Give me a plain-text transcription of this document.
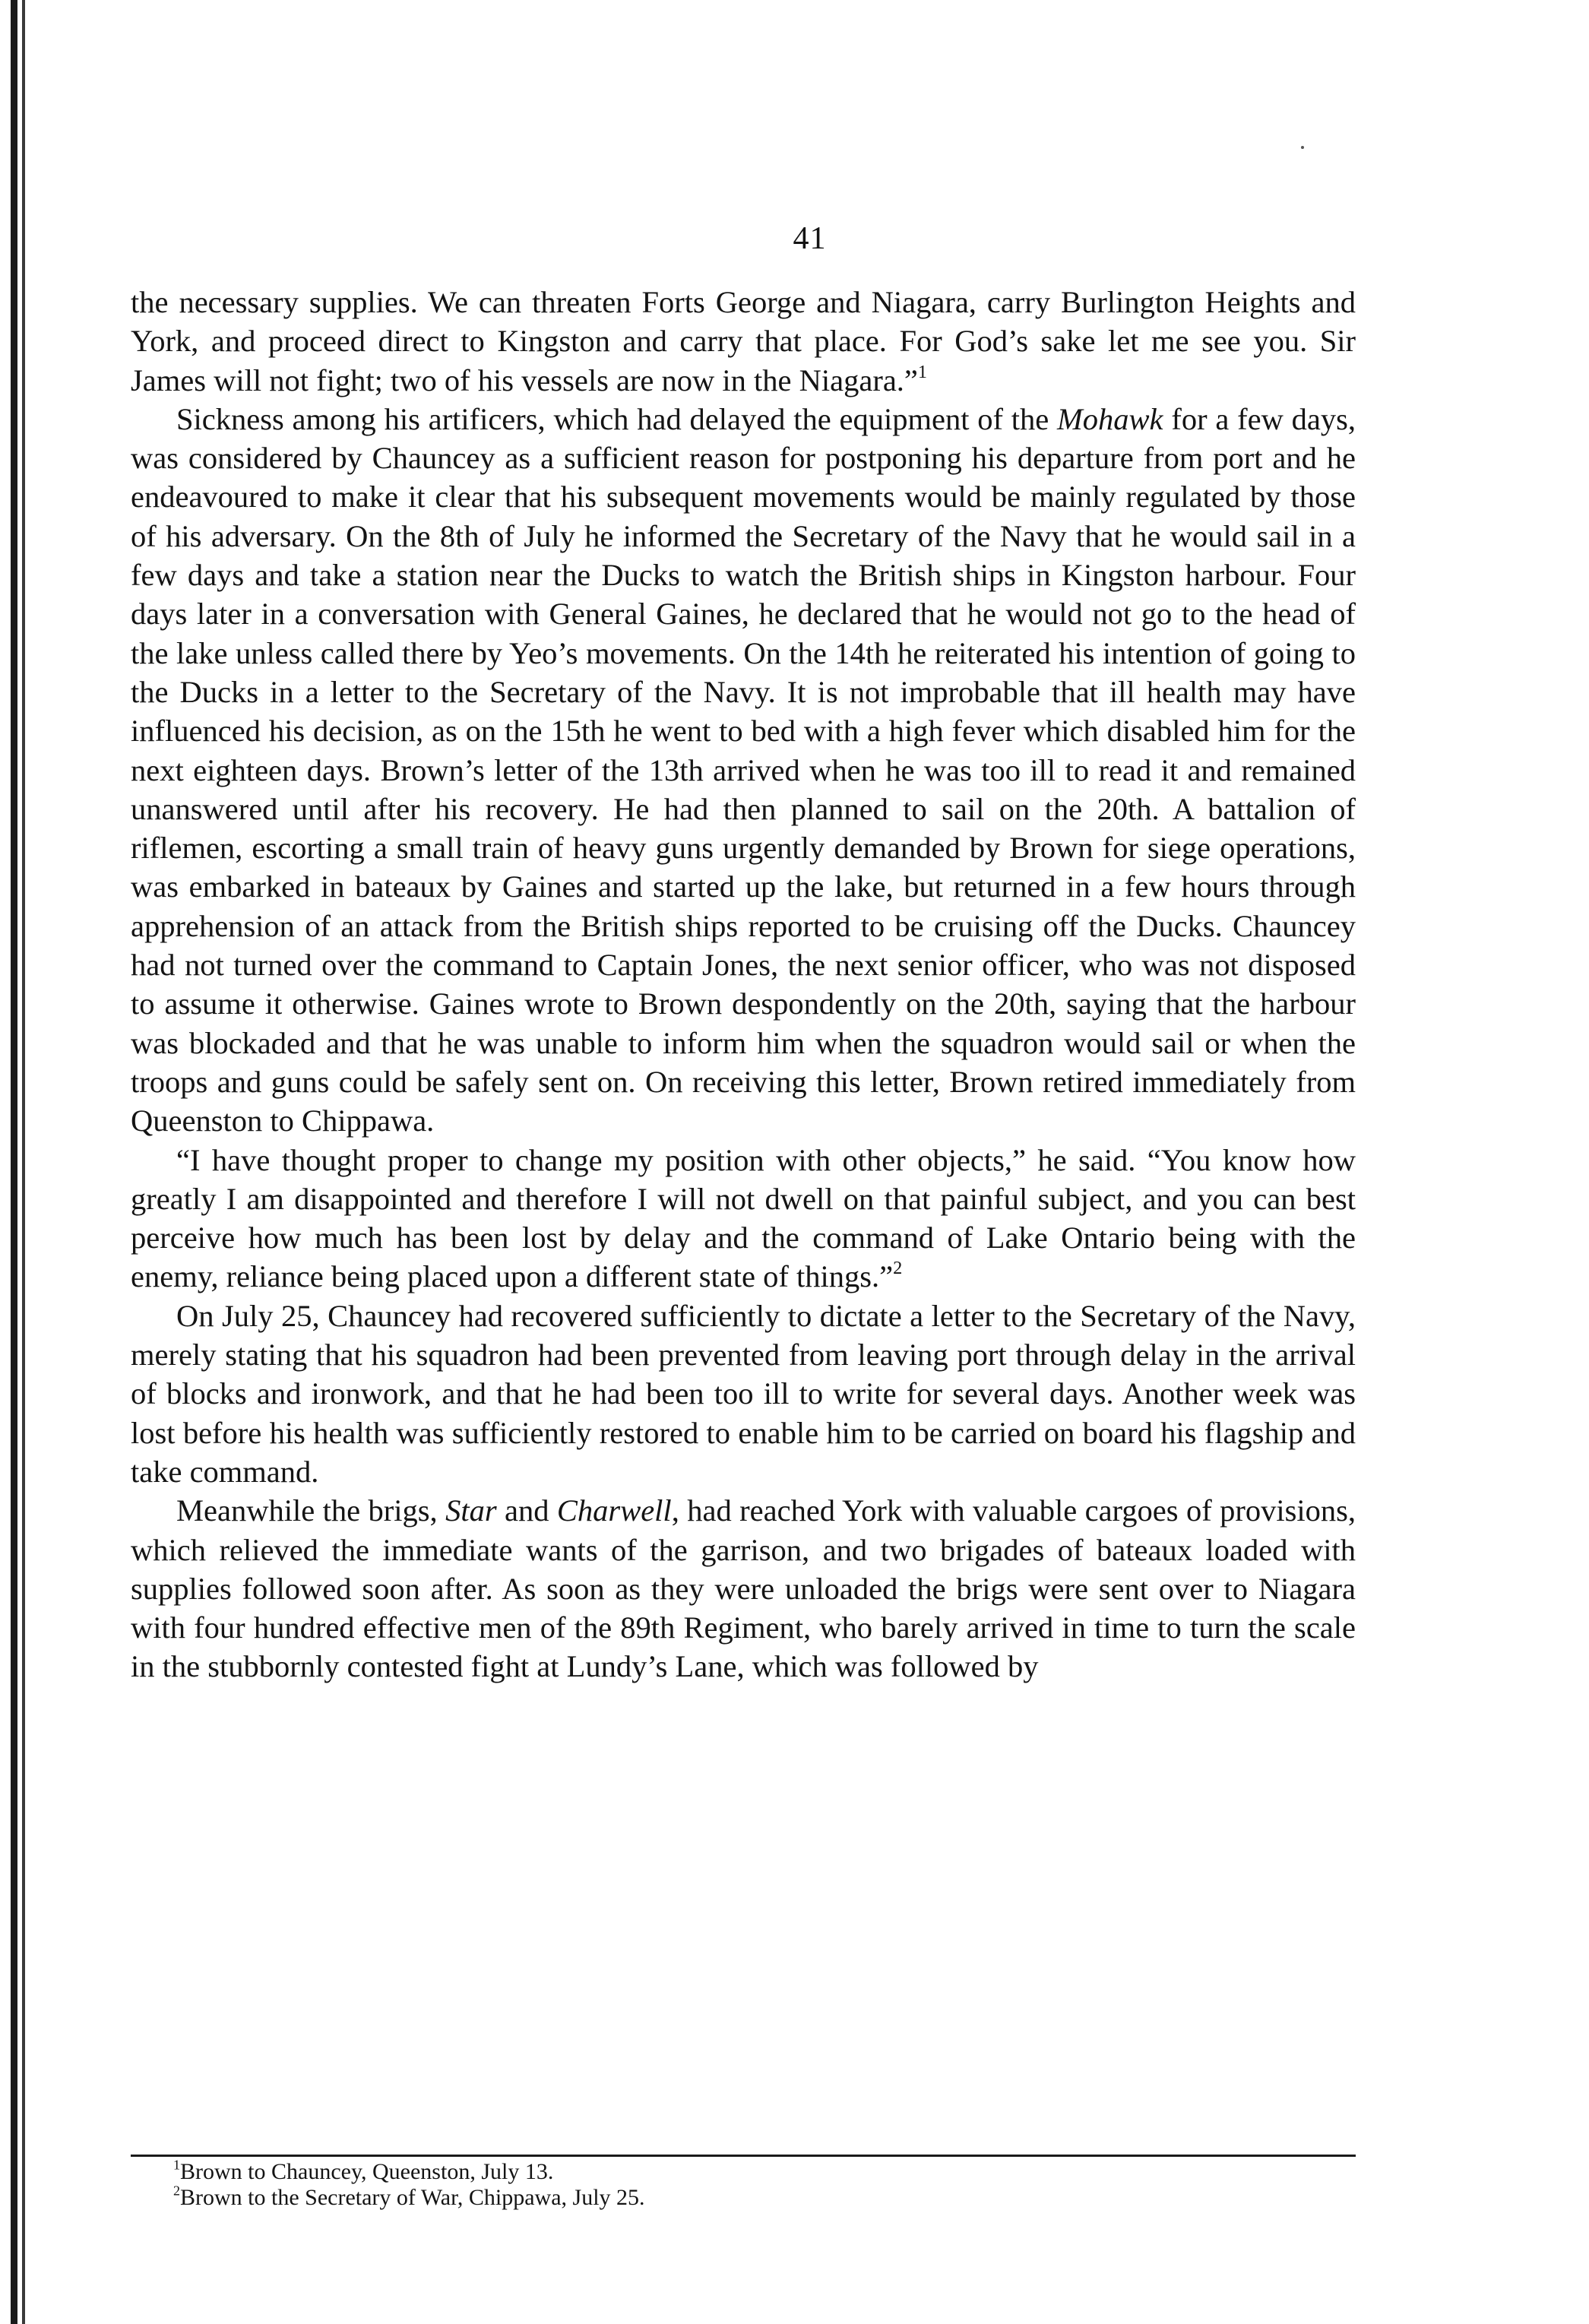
41

the necessary supplies. We can threaten Forts George and Niagara, carry Burlington Heights and York, and proceed direct to Kingston and carry that place. For God’s sake let me see you. Sir James will not fight; two of his vessels are now in the Niagara.”$^1$

Sickness among his artificers, which had delayed the equipment of the Mohawk for a few days, was considered by Chauncey as a sufficient reason for postponing his departure from port and he endeavoured to make it clear that his subsequent movements would be mainly regulated by those of his adversary. On the 8th of July he informed the Secretary of the Navy that he would sail in a few days and take a station near the Ducks to watch the British ships in Kingston harbour. Four days later in a conversation with General Gaines, he declared that he would not go to the head of the lake unless called there by Yeo’s movements. On the 14th he reiterated his intention of going to the Ducks in a letter to the Secretary of the Navy. It is not improbable that ill health may have influenced his decision, as on the 15th he went to bed with a high fever which disabled him for the next eighteen days. Brown’s letter of the 13th arrived when he was too ill to read it and remained unanswered until after his recovery. He had then planned to sail on the 20th. A battalion of riflemen, escorting a small train of heavy guns urgently demanded by Brown for siege operations, was embarked in bateaux by Gaines and started up the lake, but returned in a few hours through apprehension of an attack from the British ships reported to be cruising off the Ducks. Chauncey had not turned over the command to Captain Jones, the next senior officer, who was not disposed to assume it otherwise. Gaines wrote to Brown despondently on the 20th, saying that the harbour was blockaded and that he was unable to inform him when the squadron would sail or when the troops and guns could be safely sent on. On receiving this letter, Brown retired immediately from Queenston to Chippawa.

“I have thought proper to change my position with other objects,” he said. “You know how greatly I am disappointed and therefore I will not dwell on that painful subject, and you can best perceive how much has been lost by delay and the command of Lake Ontario being with the enemy, reliance being placed upon a different state of things.”$^2$

On July 25, Chauncey had recovered sufficiently to dictate a letter to the Secretary of the Navy, merely stating that his squadron had been prevented from leaving port through delay in the arrival of blocks and ironwork, and that he had been too ill to write for several days. Another week was lost before his health was sufficiently restored to enable him to be carried on board his flagship and take command.

Meanwhile the brigs, Star and Charwell, had reached York with valuable cargoes of provisions, which relieved the immediate wants of the garrison, and two brigades of bateaux loaded with supplies followed soon after. As soon as they were unloaded the brigs were sent over to Niagara with four hundred effective men of the 89th Regiment, who barely arrived in time to turn the scale in the stubbornly contested fight at Lundy’s Lane, which was followed by

$^1$Brown to Chauncey, Queenston, July 13.
$^2$Brown to the Secretary of War, Chippawa, July 25.
